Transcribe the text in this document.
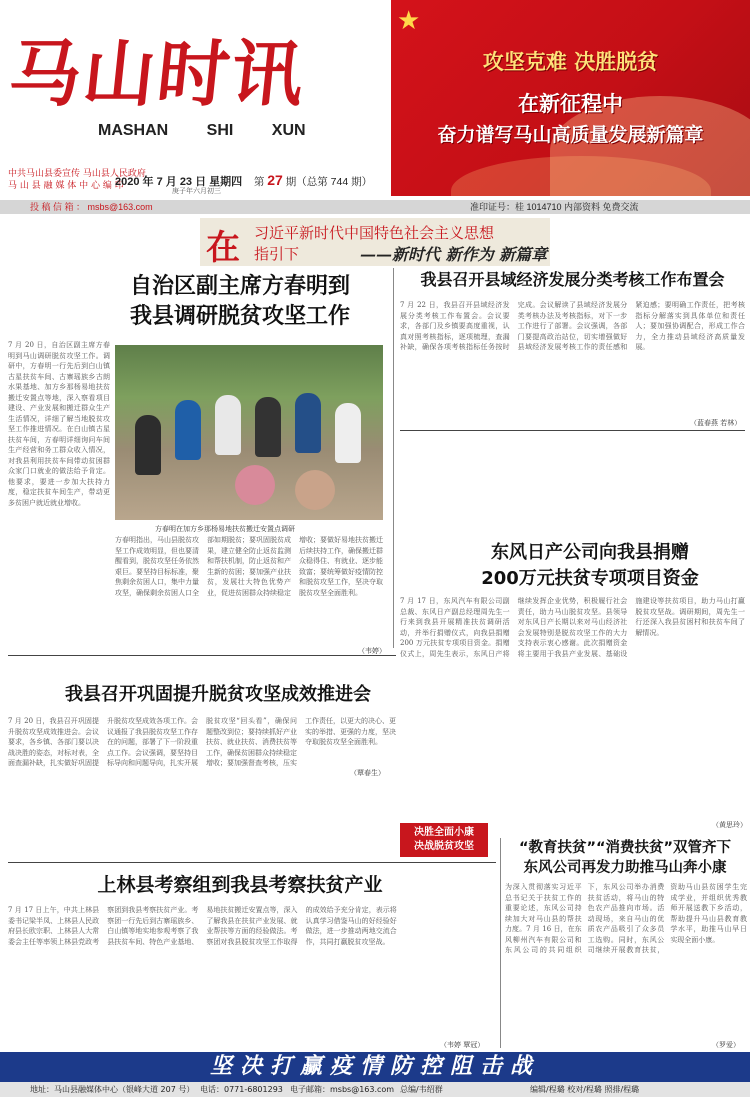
马山时讯
MASHAN SHI XUN
中共马山县委宣传 马山县人民政府
马 山 县 融 媒 体 中 心 编 印
2020 年 7 月 23 日 星期四 第 27 期（总第 744 期）
庚子年六月初三
★
攻坚克难 决胜脱贫
在新征程中
奋力谱写马山高质量发展新篇章
投 稿 信 箱 ： msbs@163.com	准印证号：桂 1014710 内部资料 免费交流
在 习近平新时代中国特色社会主义思想
指引下	——新时代 新作为 新篇章
自治区副主席方春明到
我县调研脱贫攻坚工作
7 月 20 日，自治区副主席方春明到马山调研脱贫攻坚工作。调研中，方春明一行先后到白山镇古星扶贫车间、古寨瑶族乡古朗水果基地、加方乡那杨易地扶贫搬迁安置点等地，深入察看项目建设、产业发展和搬迁群众生产生活情况，详细了解当地脱贫攻坚工作推进情况。在白山镇古星扶贫车间，方春明详细询问车间生产经营和务工群众收入情况，对我县利用扶贫车间带动贫困群众家门口就业的做法给予肯定。他要求，要进一步加大扶持力度，稳定扶贫车间生产，带动更多贫困户就近就业增收。
方春明在加方乡那杨易地扶贫搬迁安置点调研
方春明指出，马山县脱贫攻坚工作成效明显，但也要清醒看到，脱贫攻坚任务依然艰巨。要坚持目标标准，聚焦剩余贫困人口，集中力量攻坚，确保剩余贫困人口全部如期脱贫；要巩固脱贫成果，建立健全防止返贫监测和帮扶机制，防止返贫和产生新的贫困；要加强产业扶贫，发展壮大特色优势产业，促进贫困群众持续稳定增收；要做好易地扶贫搬迁后续扶持工作，确保搬迁群众稳得住、有就业、逐步能致富；要统筹做好疫情防控和脱贫攻坚工作，坚决夺取脱贫攻坚全面胜利。
（韦婷）
我县召开县域经济发展分类考核工作布置会
7 月 22 日，我县召开县域经济发展分类考核工作布置会。会议要求，各部门及乡镇要高度重视，认真对照考核指标，逐项梳理，查漏补缺，确保各项考核指标任务按时完成。会议解读了县域经济发展分类考核办法及考核指标，对下一步工作进行了部署。会议强调，各部门要提高政治站位，切实增强做好县域经济发展考核工作的责任感和紧迫感；要明确工作责任，把考核指标分解落实到具体单位和责任人；要加强协调配合，形成工作合力，全力推动县域经济高质量发展。
（蓝春燕 若林）
东风日产公司向我县捐赠
200万元扶贫专项项目资金
7 月 17 日，东风汽车有限公司副总裁、东风日产副总经理周先生一行来到我县开展精准扶贫调研活动，并举行捐赠仪式，向我县捐赠 200 万元扶贫专项项目资金。捐赠仪式上，周先生表示，东风日产将继续发挥企业优势，积极履行社会责任，助力马山脱贫攻坚。县领导对东风日产长期以来对马山经济社会发展特别是脱贫攻坚工作的大力支持表示衷心感谢。此次捐赠资金将主要用于我县产业发展、基础设施建设等扶贫项目，助力马山打赢脱贫攻坚战。调研期间，周先生一行还深入我县贫困村和扶贫车间了解情况。
（黄思玲）
我县召开巩固提升脱贫攻坚成效推进会
7 月 20 日，我县召开巩固提升脱贫攻坚成效推进会。会议要求，各乡镇、各部门要以决战决胜的姿态，对标对表，全面查漏补缺，扎实做好巩固提升脱贫攻坚成效各项工作。会议通报了我县脱贫攻坚工作存在的问题，部署了下一阶段重点工作。会议强调，要坚持目标导向和问题导向，扎实开展脱贫攻坚“回头看”，确保问题整改到位；要持续抓好产业扶贫、就业扶贫、消费扶贫等工作，确保贫困群众持续稳定增收；要加强督查考核，压实工作责任，以更大的决心、更实的举措、更强的力度，坚决夺取脱贫攻坚全面胜利。
（覃春生）
决胜全面小康
决战脱贫攻坚
上林县考察组到我县考察扶贫产业
7 月 17 日上午，中共上林县委书记梁半凤、上林县人民政府县长欧宗职、上林县人大常委会主任等率领上林县党政考察团到我县考察扶贫产业。考察团一行先后到古寨瑶族乡、白山镇等地实地参观考察了我县扶贫车间、特色产业基地、易地扶贫搬迁安置点等，深入了解我县在扶贫产业发展、就业帮扶等方面的经验做法。考察团对我县脱贫攻坚工作取得的成效给予充分肯定，表示将认真学习借鉴马山的好经验好做法，进一步推动两地交流合作，共同打赢脱贫攻坚战。
（韦婷 覃冠）
“教育扶贫”“消费扶贫”双管齐下
东风公司再发力助推马山奔小康
为深入贯彻落实习近平总书记关于扶贫工作的重要论述，东风公司持续加大对马山县的帮扶力度。7 月 16 日，在东风柳州汽车有限公司和东风公司的共同组织下，东风公司举办消费扶贫活动，将马山的特色农产品推向市场。活动现场，来自马山的优质农产品吸引了众多员工选购。同时，东风公司继续开展教育扶贫，资助马山县贫困学生完成学业，并组织优秀教师开展送教下乡活动，帮助提升马山县教育教学水平，助推马山早日实现全面小康。
（罗爱）
坚决打赢疫情防控阻击战
地址：马山县融媒体中心（银峰大道 207 号） 电话：0771-6801293 电子邮箱：msbs@163.com 总编/韦绍群	编辑/程璐 校对/程璐 照排/程璐
